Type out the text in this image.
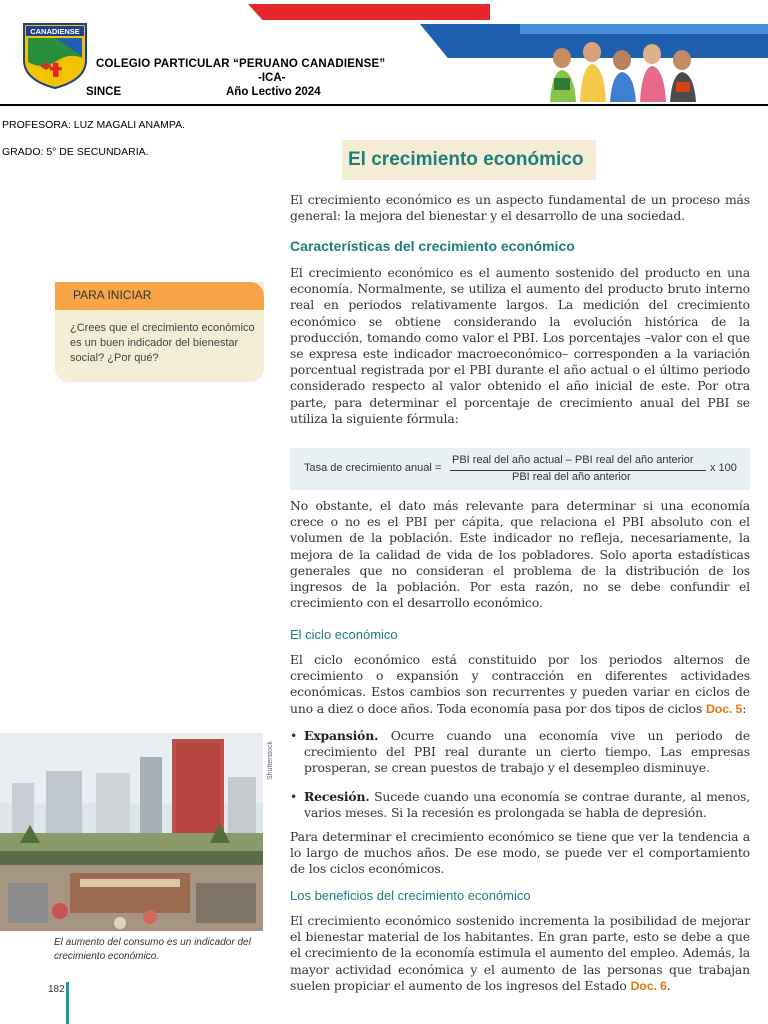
CANADIENSE
COLEGIO PARTICULAR “PERUANO CANADIENSE”
-ICA-
SINCE	Año Lectivo 2024
PROFESORA: LUZ MAGALI ANAMPA.
GRADO: 5° DE SECUNDARIA.	El crecimiento económico
El crecimiento económico es un aspecto fundamental de un proceso más general: la mejora del bienestar y el desarrollo de una sociedad.
Características del crecimiento económico
El crecimiento económico es el aumento sostenido del producto en una economía. Normalmente, se utiliza el aumento del producto bruto interno real en periodos relativamente largos. La medición del crecimiento económico se obtiene considerando la evolución histórica de la producción, tomando como valor el PBI. Los porcentajes –valor con el que se expresa este indicador macroeconómico– corresponden a la variación porcentual registrada por el PBI durante el año actual o el último periodo considerado respecto al valor obtenido el año inicial de este. Por otra parte, para determinar el porcentaje de crecimiento anual del PBI se utiliza la siguiente fórmula:
Tasa de crecimiento anual =
PBI real del año actual – PBI real del año anterior
PBI real del año anterior
x 100
No obstante, el dato más relevante para determinar si una economía crece o no es el PBI per cápita, que relaciona el PBI absoluto con el volumen de la población. Este indicador no refleja, necesariamente, la mejora de la calidad de vida de los pobladores. Solo aporta estadísticas generales que no consideran el problema de la distribución de los ingresos de la población. Por esta razón, no se debe confundir el crecimiento con el desarrollo económico.
El ciclo económico
El ciclo económico está constituido por los periodos alternos de crecimiento o expansión y contracción en diferentes actividades económicas. Estos cambios son recurrentes y pueden variar en ciclos de uno a diez o doce años. Toda economía pasa por dos tipos de ciclos Doc. 5:
• Expansión. Ocurre cuando una economía vive un periodo de crecimiento del PBI real durante un cierto tiempo. Las empresas prosperan, se crean puestos de trabajo y el desempleo disminuye.
• Recesión. Sucede cuando una economía se contrae durante, al menos, varios meses. Si la recesión es prolongada se habla de depresión.
Para determinar el crecimiento económico se tiene que ver la tendencia a lo largo de muchos años. De ese modo, se puede ver el comportamiento de los ciclos económicos.
Los beneficios del crecimiento económico
El crecimiento económico sostenido incrementa la posibilidad de mejorar el bienestar material de los habitantes. En gran parte, esto se debe a que el crecimiento de la economía estimula el aumento del empleo. Además, la mayor actividad económica y el aumento de las personas que trabajan suelen propiciar el aumento de los ingresos del Estado Doc. 6.
PARA INICIAR
¿Crees que el crecimiento económico es un buen indicador del bienestar social? ¿Por qué?
Shutterstock
El aumento del consumo es un indicador del crecimiento económico.
182
